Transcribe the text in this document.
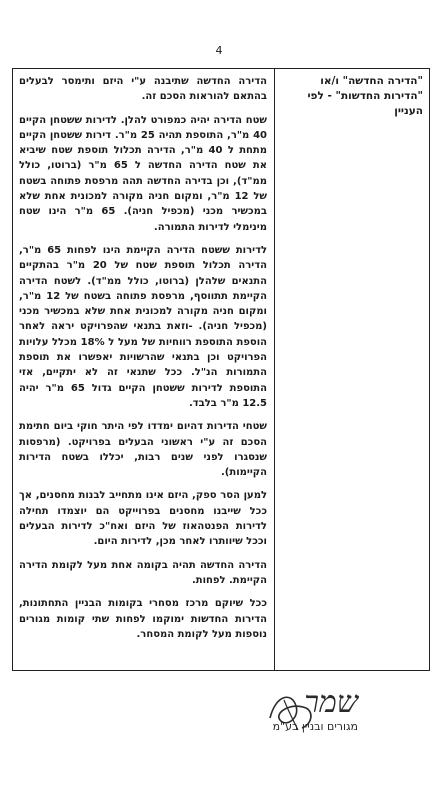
4

הדירה החדשה שתיבנה ע"י היזם ותימסר לבעלים בהתאם להוראות הסכם זה.

שטח הדירה יהיה כמפורט להלן. לדירות ששטחן הקיים 40 מ"ר, התוספת תהיה 25 מ"ר. דירות ששטחן הקיים מתחת ל 40 מ"ר, הדירה תכלול תוספת שטח שיביא את שטח הדירה החדשה ל 65 מ"ר (ברוטו, כולל ממ"ד), וכן בדירה החדשה תהה מרפסת פתוחה בשטח של 12 מ"ר, ומקום חניה מקורה למכונית אחת שלא במכשיר מכני (מכפיל חניה). 65 מ"ר הינו שטח מינימלי לדירות התמורה.

לדירות ששטח הדירה הקיימת הינו לפחות 65 מ"ר, הדירה תכלול תוספת שטח של 20 מ"ר בהתקיים התנאים שלהלן (ברוטו, כולל ממ"ד). לשטח הדירה הקיימת תתווסף, מרפסת פתוחה בשטח של 12 מ"ר, ומקום חניה מקורה למכונית אחת שלא במכשיר מכני (מכפיל חניה). -וזאת בתנאי שהפרויקט יראה לאחר הוספת התוספת רווחיות של מעל ל 18% מכלל עלויות הפרויקט וכן בתנאי שהרשויות יאפשרו את תוספת התמורות הנ"ל. ככל שתנאי זה לא יתקיים, אזי התוספת לדירות ששטחן הקיים גדול 65 מ"ר יהיה 12.5 מ"ר בלבד.

שטחי הדירות דהיום ימדדו לפי היתר חוקי ביום חתימת הסכם זה ע"י ראשוני הבעלים בפרויקט. (מרפסות שנסגרו לפני שנים רבות, יכללו בשטח הדירות הקיימות).

למען הסר ספק, היזם אינו מתחייב לבנות מחסנים, אך ככל שייבנו מחסנים בפרוייקט הם יוצמדו תחילה לדירות הפנטהאוז של היזם ואח"כ לדירות הבעלים וככל שיוותרו לאחר מכן, לדירות היום.

הדירה החדשה תהיה בקומה אחת מעל לקומת הדירה הקיימת. לפחות.

ככל שיוקם מרכז מסחרי בקומות הבניין התחתונות, הדירות החדשות ימוקמו לפחות שתי קומות מגורים נוספות מעל לקומת המסחר.

"הדירה החדשה" ו/או "הדירות החדשות" - לפי העניין
שמר
מגורים ובניין בע"מ
